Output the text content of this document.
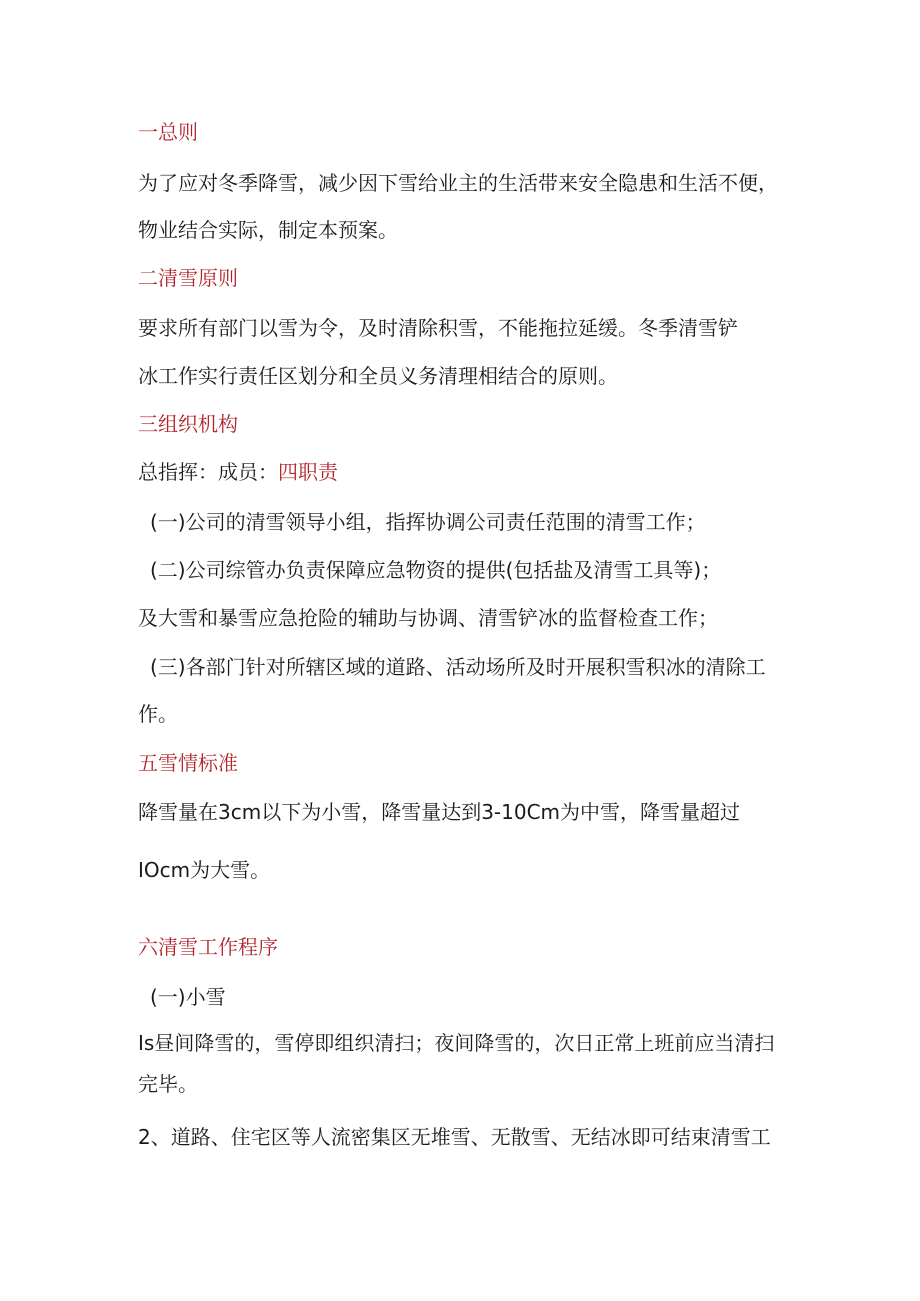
一总则

为了应对冬季降雪，减少因下雪给业主的生活带来安全隐患和生活不便，

物业结合实际，制定本预案。

二清雪原则

要求所有部门以雪为令，及时清除积雪，不能拖拉延缓。冬季清雪铲

冰工作实行责任区划分和全员义务清理相结合的原则。

三组织机构

总指挥：成员：四职责

(一)公司的清雪领导小组，指挥协调公司责任范围的清雪工作；

(二)公司综管办负责保障应急物资的提供(包括盐及清雪工具等)；

及大雪和暴雪应急抢险的辅助与协调、清雪铲冰的监督检查工作；

(三)各部门针对所辖区域的道路、活动场所及时开展积雪积冰的清除工

作。

五雪情标准

降雪量在3cm以下为小雪，降雪量达到3-10Cm为中雪，降雪量超过

IOcm为大雪。

六清雪工作程序

(一)小雪

Is昼间降雪的，雪停即组织清扫；夜间降雪的，次日正常上班前应当清扫

完毕。

2、道路、住宅区等人流密集区无堆雪、无散雪、无结冰即可结束清雪工
